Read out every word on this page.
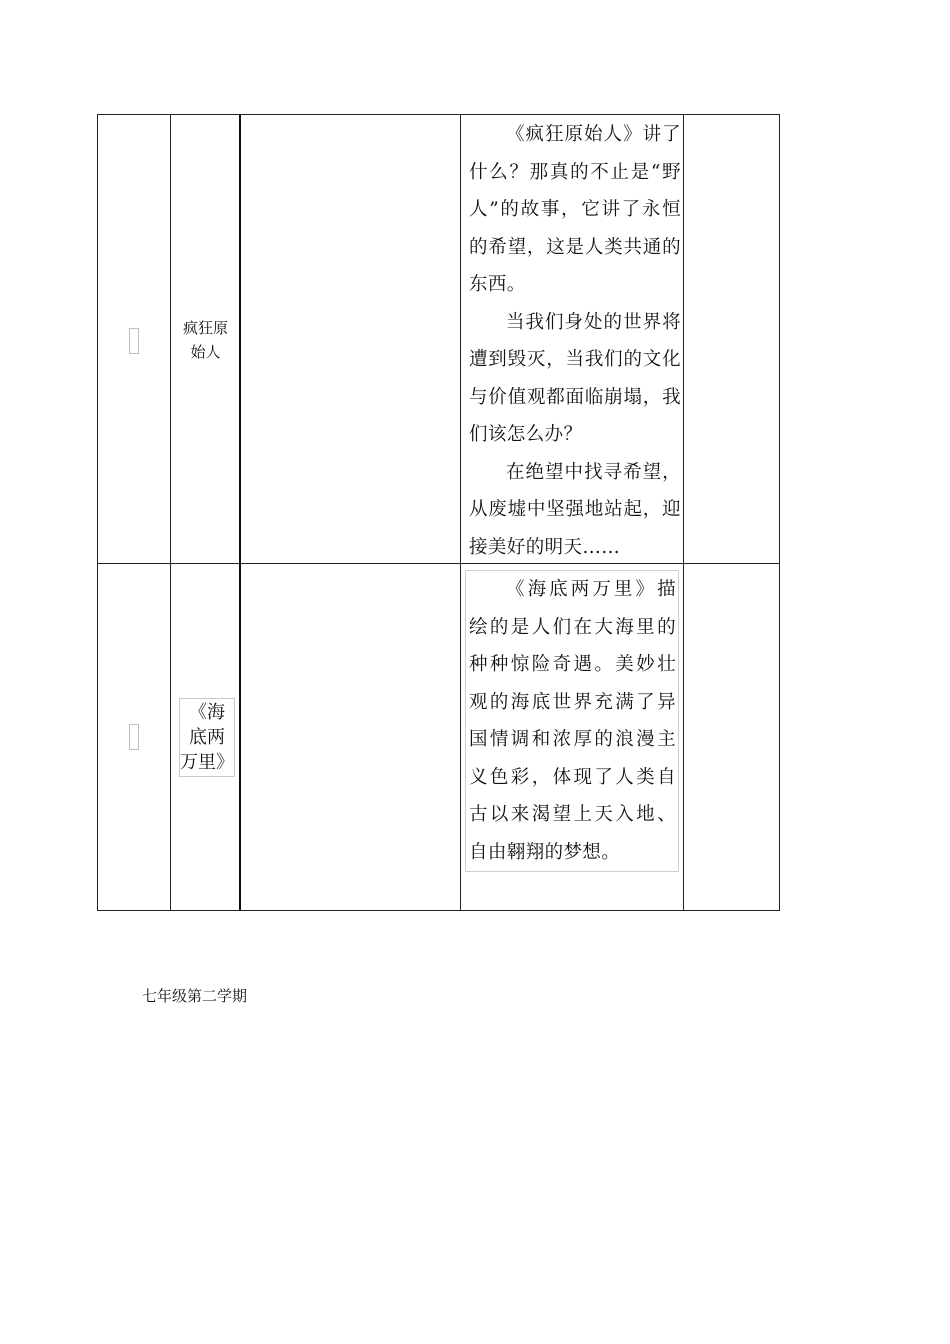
疯狂原
始人

《疯狂原始人》讲了什么？那真的不止是“野人”的故事，它讲了永恒的希望，这是人类共通的东西。

当我们身处的世界将遭到毁灭，当我们的文化与价值观都面临崩塌，我们该怎么办？

在绝望中找寻希望，从废墟中坚强地站起，迎接美好的明天……

《海
底两
万里》

《海底两万里》描绘的是人们在大海里的种种惊险奇遇。美妙壮观的海底世界充满了异国情调和浓厚的浪漫主义色彩，体现了人类自古以来渴望上天入地、自由翱翔的梦想。

七年级第二学期
